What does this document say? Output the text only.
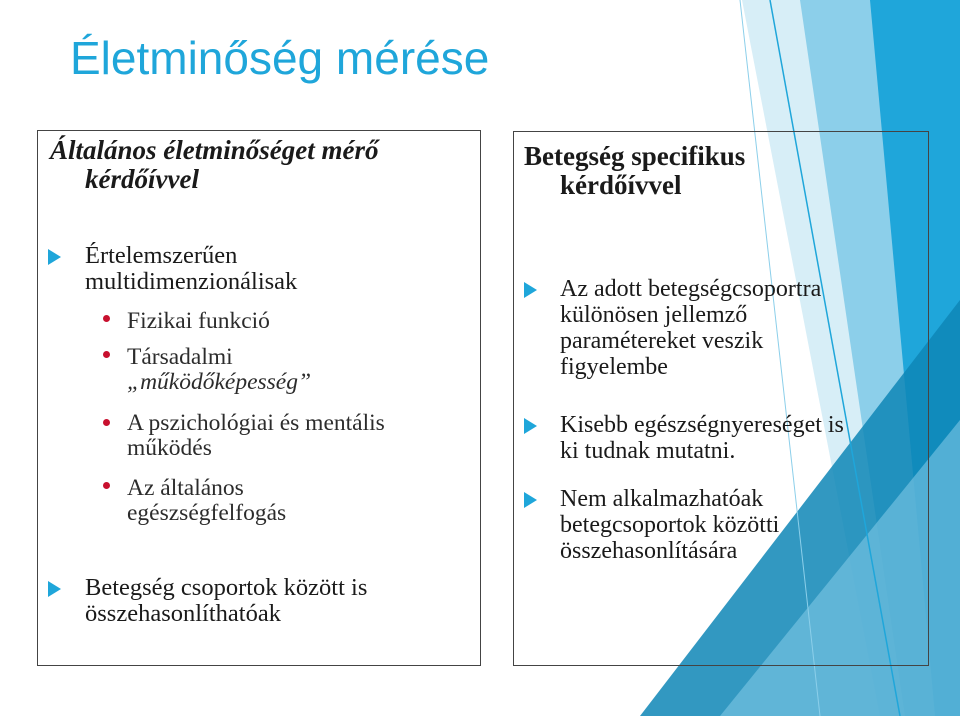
Életminőség mérése
Általános életminőséget mérő
kérdőívvel
Értelemszerűen
multidimenzionálisak
Fizikai funkció
Társadalmi
„működőképesség”
A pszichológiai és mentális
működés
Az általános
egészségfelfogás
Betegség csoportok között is
összehasonlíthatóak
Betegség specifikus
kérdőívvel
Az adott betegségcsoportra
különösen jellemző
paramétereket veszik
figyelembe
Kisebb egészségnyereséget is
ki tudnak mutatni.
Nem alkalmazhatóak
betegcsoportok közötti
összehasonlítására
